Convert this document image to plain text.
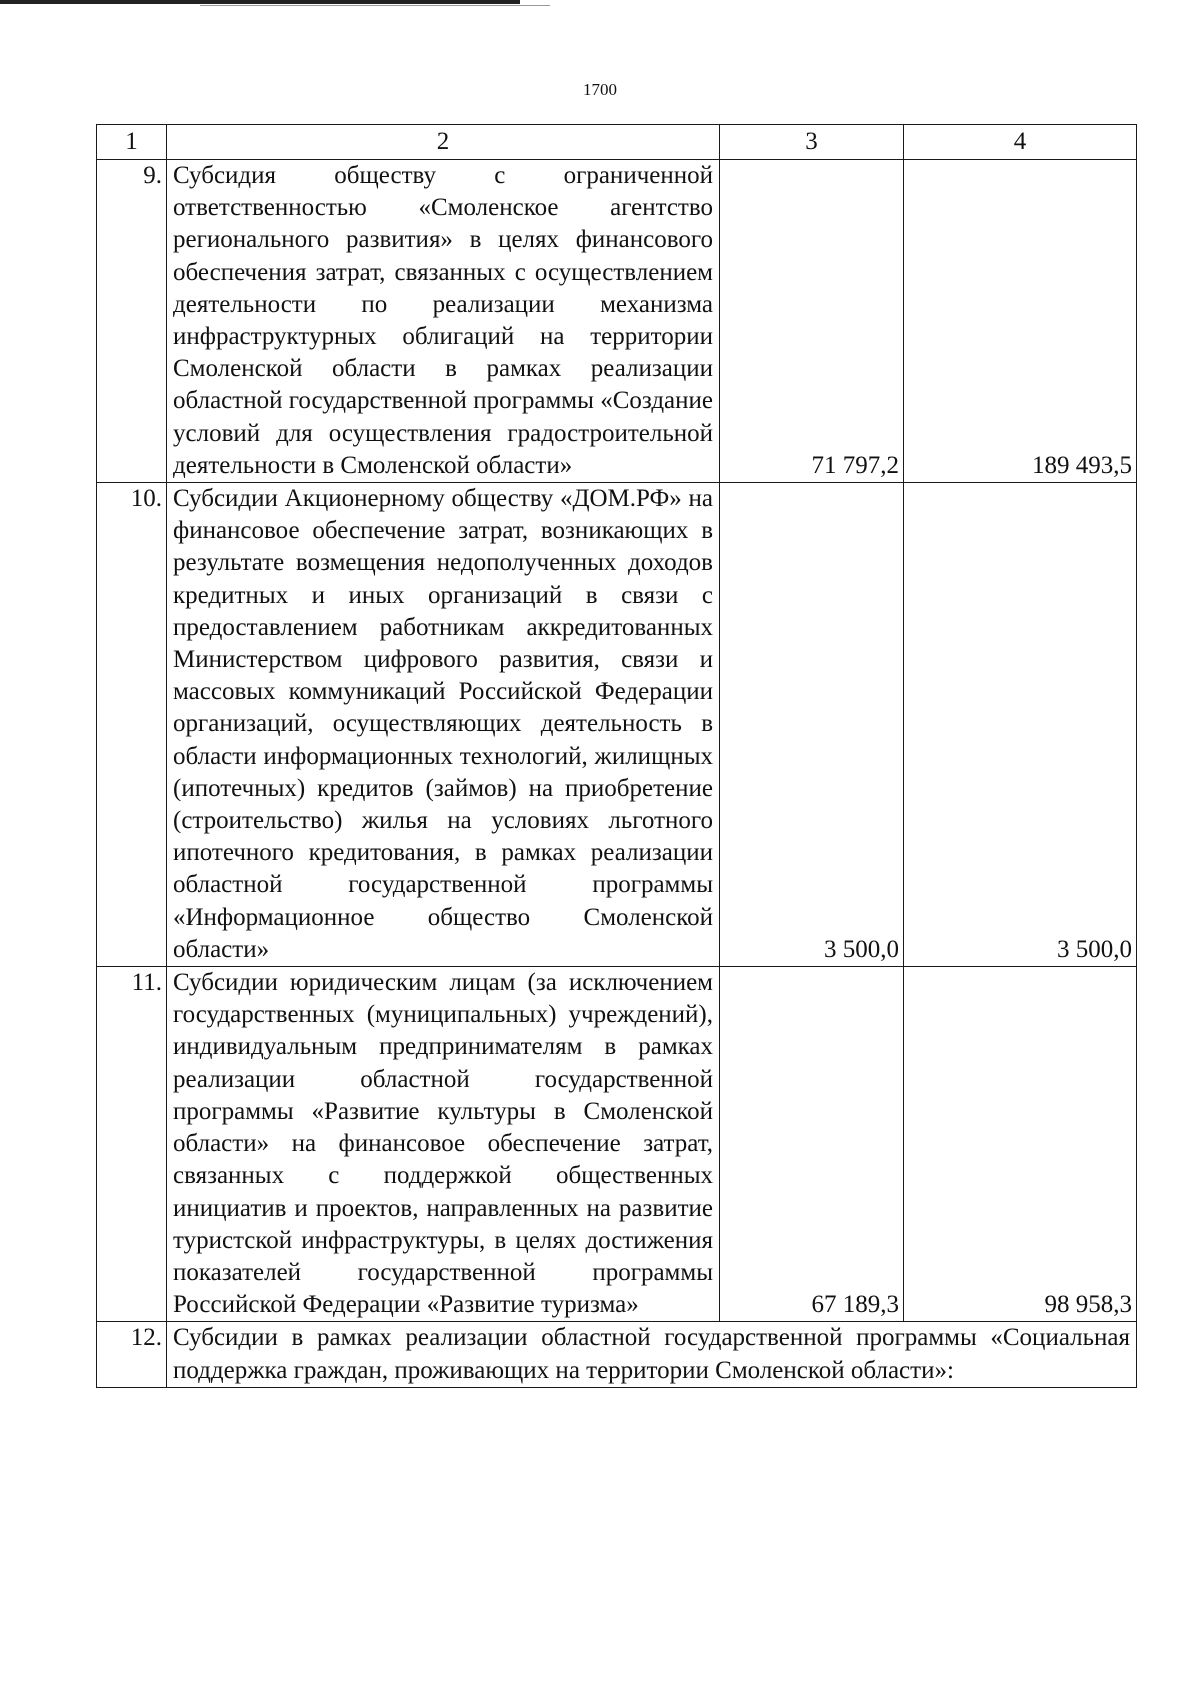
1700
1	2	3	4
9.	Субсидия обществу с ограниченной ответственностью «Смоленское агентство регионального развития» в целях финансового обеспечения затрат, связанных с осуществлением деятельности по реализации механизма инфраструктурных облигаций на территории Смоленской области в рамках реализации областной государственной программы «Создание условий для осуществления градостроительной деятельности в Смоленской области»	71 797,2	189 493,5
10.	Субсидии Акционерному обществу «ДОМ.РФ» на финансовое обеспечение затрат, возникающих в результате возмещения недополученных доходов кредитных и иных организаций в связи с предоставлением работникам аккредитованных Министерством цифрового развития, связи и массовых коммуникаций Российской Федерации организаций, осуществляющих деятельность в области информационных технологий, жилищных (ипотечных) кредитов (займов) на приобретение (строительство) жилья на условиях льготного ипотечного кредитования, в рамках реализации областной государственной программы «Информационное общество Смоленской области»	3 500,0	3 500,0
11.	Субсидии юридическим лицам (за исключением государственных (муниципальных) учреждений), индивидуальным предпринимателям в рамках реализации областной государственной программы «Развитие культуры в Смоленской области» на финансовое обеспечение затрат, связанных с поддержкой общественных инициатив и проектов, направленных на развитие туристской инфраструктуры, в целях достижения показателей государственной программы Российской Федерации «Развитие туризма»	67 189,3	98 958,3
12.	Субсидии в рамках реализации областной государственной программы «Социальная поддержка граждан, проживающих на территории Смоленской области»:		
